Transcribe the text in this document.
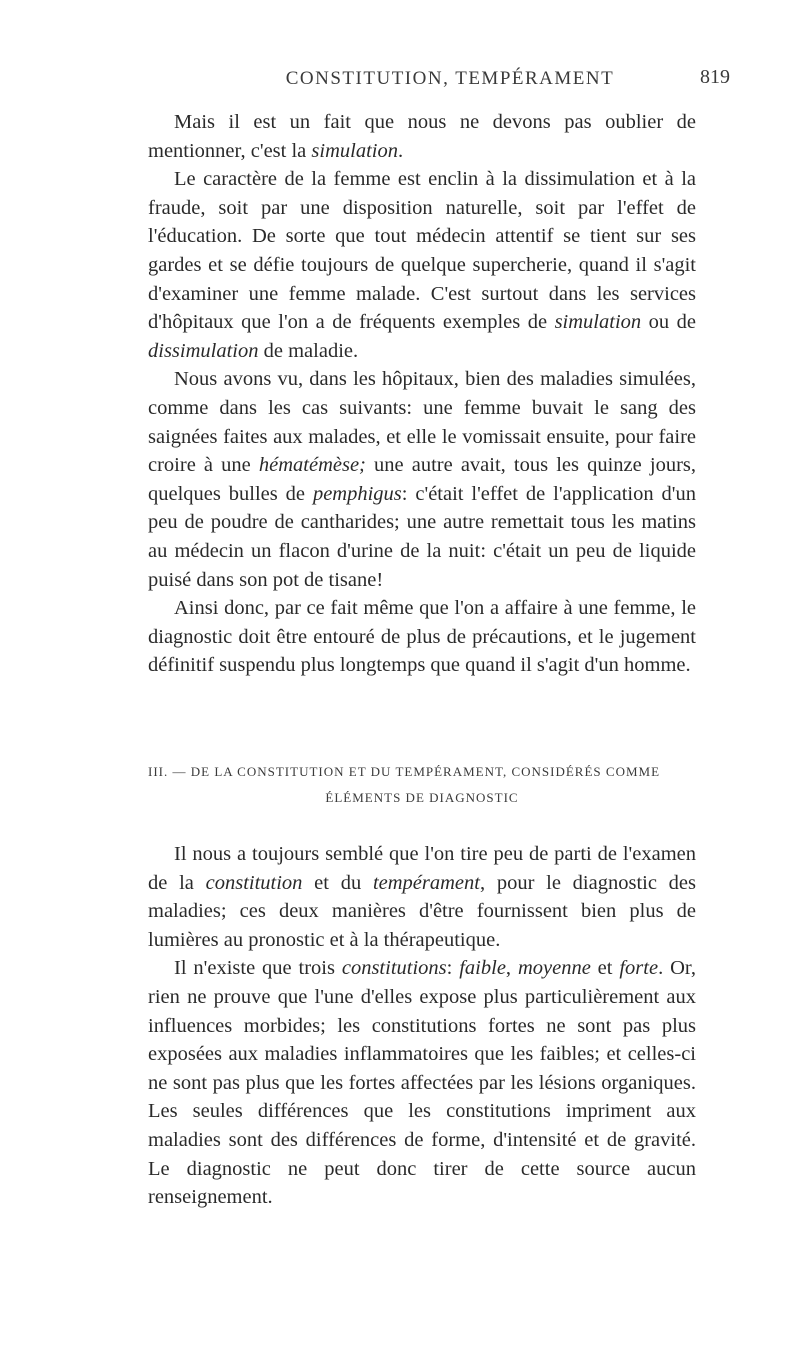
CONSTITUTION, TEMPÉRAMENT	819

Mais il est un fait que nous ne devons pas oublier de mentionner, c'est la simulation.

Le caractère de la femme est enclin à la dissimulation et à la fraude, soit par une disposition naturelle, soit par l'effet de l'éducation. De sorte que tout médecin attentif se tient sur ses gardes et se défie toujours de quelque supercherie, quand il s'agit d'examiner une femme malade. C'est surtout dans les services d'hôpitaux que l'on a de fréquents exemples de simulation ou de dissimulation de maladie.

Nous avons vu, dans les hôpitaux, bien des maladies simulées, comme dans les cas suivants: une femme buvait le sang des saignées faites aux malades, et elle le vomissait ensuite, pour faire croire à une hématémèse; une autre avait, tous les quinze jours, quelques bulles de pemphigus: c'était l'effet de l'application d'un peu de poudre de cantharides; une autre remettait tous les matins au médecin un flacon d'urine de la nuit: c'était un peu de liquide puisé dans son pot de tisane!

Ainsi donc, par ce fait même que l'on a affaire à une femme, le diagnostic doit être entouré de plus de précautions, et le jugement définitif suspendu plus longtemps que quand il s'agit d'un homme.

III. — DE LA CONSTITUTION ET DU TEMPÉRAMENT, CONSIDÉRÉS COMME
ÉLÉMENTS DE DIAGNOSTIC

Il nous a toujours semblé que l'on tire peu de parti de l'examen de la constitution et du tempérament, pour le diagnostic des maladies; ces deux manières d'être fournissent bien plus de lumières au pronostic et à la thérapeutique.

Il n'existe que trois constitutions: faible, moyenne et forte. Or, rien ne prouve que l'une d'elles expose plus particulièrement aux influences morbides; les constitutions fortes ne sont pas plus exposées aux maladies inflammatoires que les faibles; et celles-ci ne sont pas plus que les fortes affectées par les lésions organiques. Les seules différences que les constitutions impriment aux maladies sont des différences de forme, d'intensité et de gravité. Le diagnostic ne peut donc tirer de cette source aucun renseignement.
